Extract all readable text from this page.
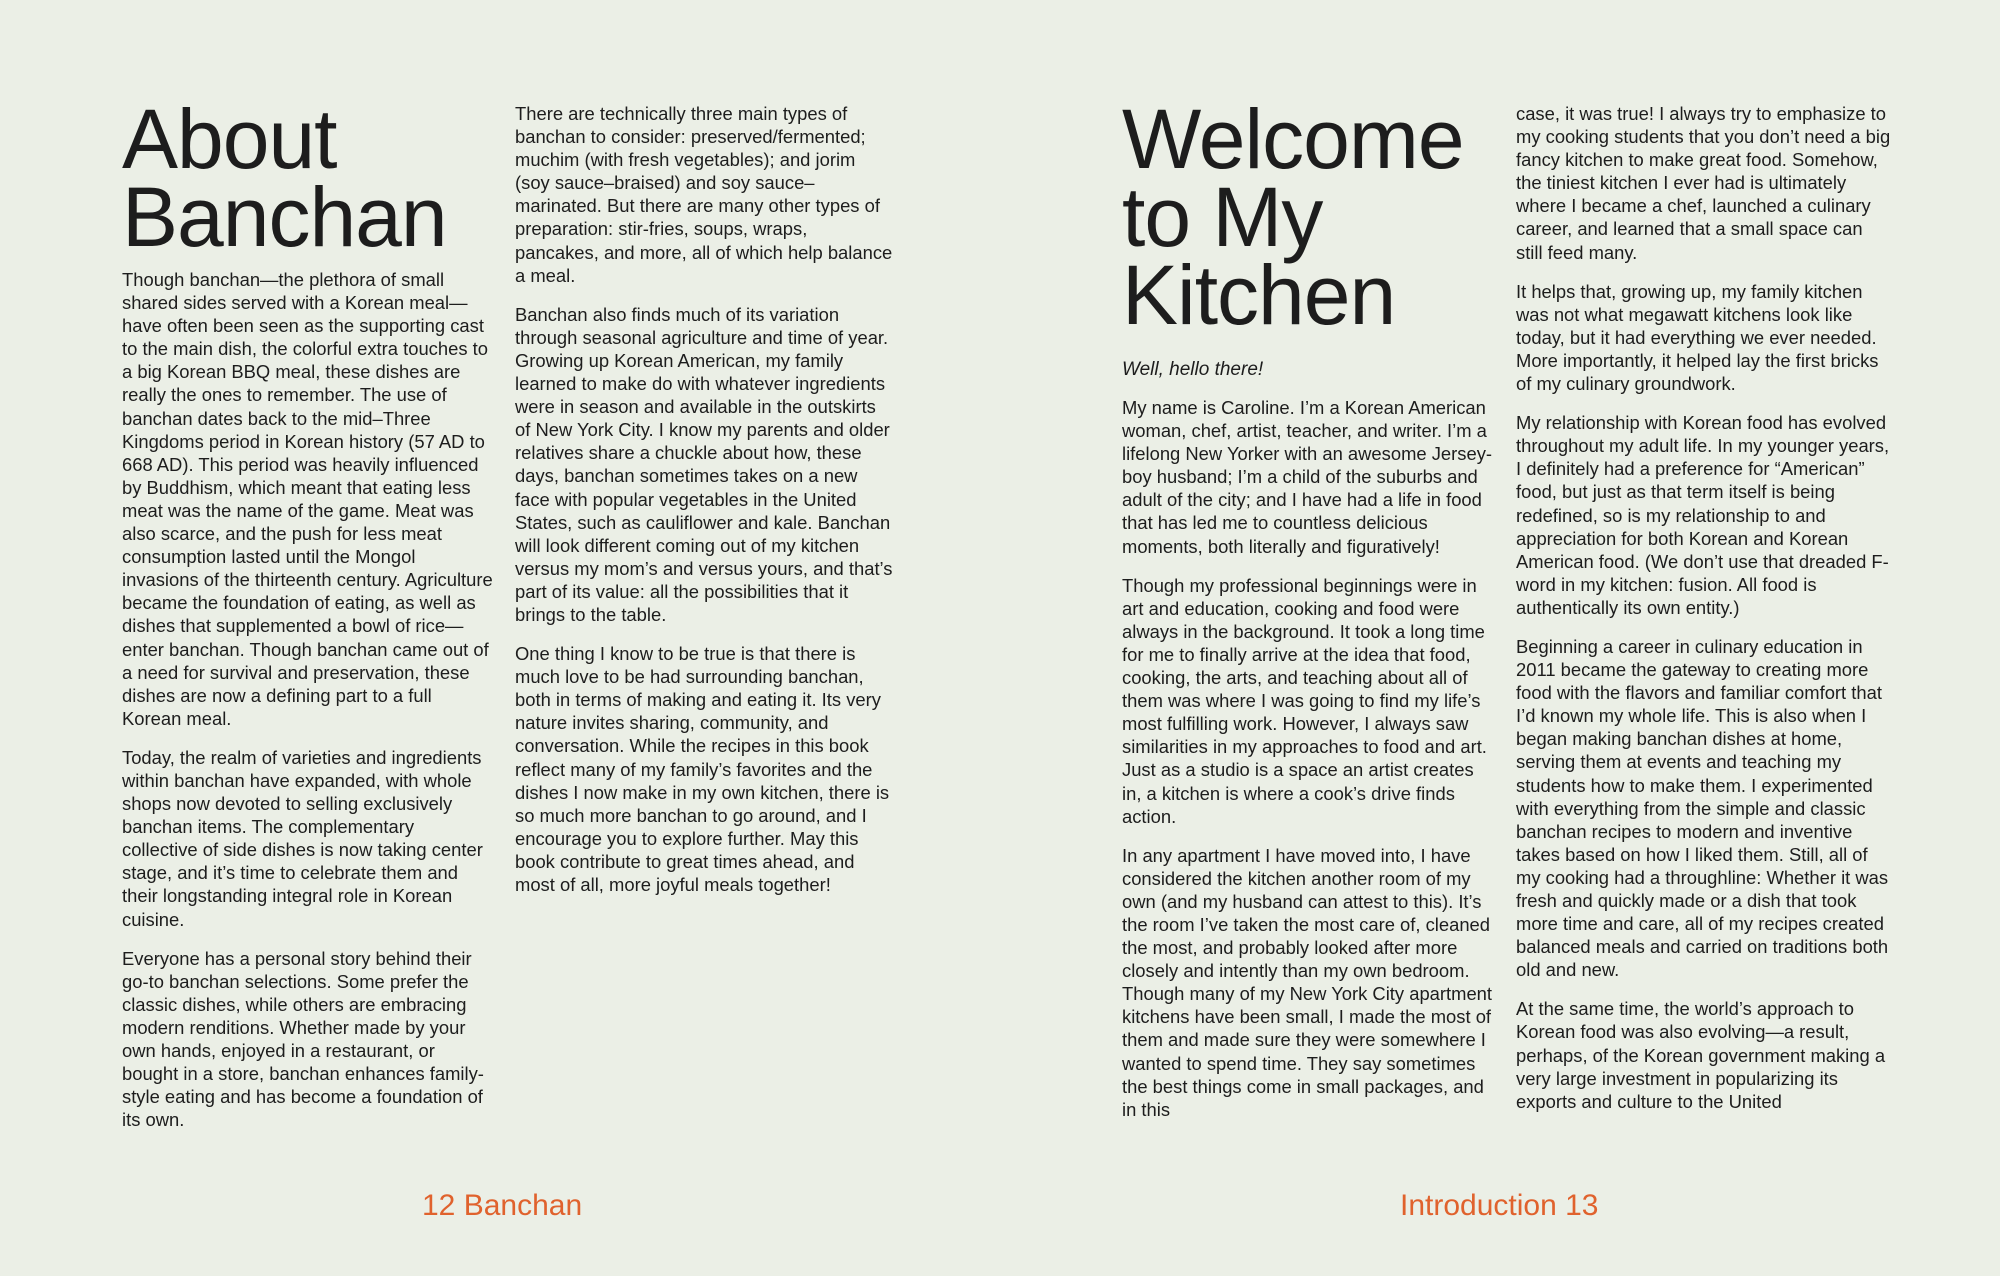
About
Banchan

Though banchan—the plethora of small shared sides served with a Korean meal—have often been seen as the supporting cast to the main dish, the colorful extra touches to a big Korean BBQ meal, these dishes are really the ones to remember. The use of banchan dates back to the mid–Three Kingdoms period in Korean history (57 AD to 668 AD). This period was heavily influenced by Buddhism, which meant that eating less meat was the name of the game. Meat was also scarce, and the push for less meat consumption lasted until the Mongol invasions of the thirteenth century. Agriculture became the foundation of eating, as well as dishes that supplemented a bowl of rice—enter banchan. Though banchan came out of a need for survival and preservation, these dishes are now a defining part to a full Korean meal.

Today, the realm of varieties and ingredients within banchan have expanded, with whole shops now devoted to selling exclusively banchan items. The complementary collective of side dishes is now taking center stage, and it’s time to celebrate them and their longstanding integral role in Korean cuisine.

Everyone has a personal story behind their go-to banchan selections. Some prefer the classic dishes, while others are embracing modern renditions. Whether made by your own hands, enjoyed in a restaurant, or bought in a store, banchan enhances family-style eating and has become a foundation of its own.

There are technically three main types of banchan to consider: preserved/fermented; muchim (with fresh vegetables); and jorim (soy sauce–braised) and soy sauce–marinated. But there are many other types of preparation: stir-fries, soups, wraps, pancakes, and more, all of which help balance a meal.

Banchan also finds much of its variation through seasonal agriculture and time of year. Growing up Korean American, my family learned to make do with whatever ingredients were in season and available in the outskirts of New York City. I know my parents and older relatives share a chuckle about how, these days, banchan sometimes takes on a new face with popular vegetables in the United States, such as cauliflower and kale. Banchan will look different coming out of my kitchen versus my mom’s and versus yours, and that’s part of its value: all the possibilities that it brings to the table.

One thing I know to be true is that there is much love to be had surrounding banchan, both in terms of making and eating it. Its very nature invites sharing, community, and conversation. While the recipes in this book reflect many of my family’s favorites and the dishes I now make in my own kitchen, there is so much more banchan to go around, and I encourage you to explore further. May this book contribute to great times ahead, and most of all, more joyful meals together!

12 Banchan
Welcome
to My
Kitchen

Well, hello there!

My name is Caroline. I’m a Korean American woman, chef, artist, teacher, and writer. I’m a lifelong New Yorker with an awesome Jersey-boy husband; I’m a child of the suburbs and adult of the city; and I have had a life in food that has led me to countless delicious moments, both literally and figuratively!

Though my professional beginnings were in art and education, cooking and food were always in the background. It took a long time for me to finally arrive at the idea that food, cooking, the arts, and teaching about all of them was where I was going to find my life’s most fulfilling work. However, I always saw similarities in my approaches to food and art. Just as a studio is a space an artist creates in, a kitchen is where a cook’s drive finds action.

In any apartment I have moved into, I have considered the kitchen another room of my own (and my husband can attest to this). It’s the room I’ve taken the most care of, cleaned the most, and probably looked after more closely and intently than my own bedroom. Though many of my New York City apartment kitchens have been small, I made the most of them and made sure they were somewhere I wanted to spend time. They say sometimes the best things come in small packages, and in this

case, it was true! I always try to emphasize to my cooking students that you don’t need a big fancy kitchen to make great food. Somehow, the tiniest kitchen I ever had is ultimately where I became a chef, launched a culinary career, and learned that a small space can still feed many.

It helps that, growing up, my family kitchen was not what megawatt kitchens look like today, but it had everything we ever needed. More importantly, it helped lay the first bricks of my culinary groundwork.

My relationship with Korean food has evolved throughout my adult life. In my younger years, I definitely had a preference for “American” food, but just as that term itself is being redefined, so is my relationship to and appreciation for both Korean and Korean American food. (We don’t use that dreaded F-word in my kitchen: fusion. All food is authentically its own entity.)

Beginning a career in culinary education in 2011 became the gateway to creating more food with the flavors and familiar comfort that I’d known my whole life. This is also when I began making banchan dishes at home, serving them at events and teaching my students how to make them. I experimented with everything from the simple and classic banchan recipes to modern and inventive takes based on how I liked them. Still, all of my cooking had a throughline: Whether it was fresh and quickly made or a dish that took more time and care, all of my recipes created balanced meals and carried on traditions both old and new.

At the same time, the world’s approach to Korean food was also evolving—a result, perhaps, of the Korean government making a very large investment in popularizing its exports and culture to the United

Introduction 13
